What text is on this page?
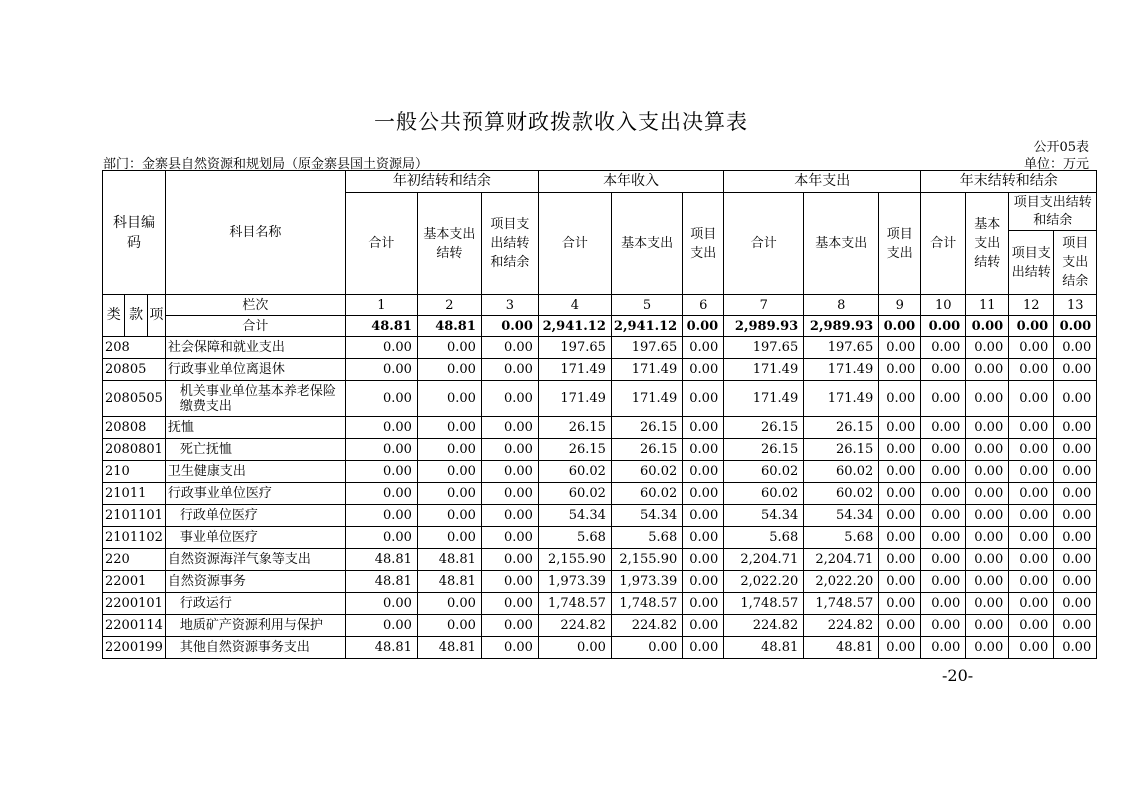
一般公共预算财政拨款收入支出决算表
公开05表
部门：金寨县自然资源和规划局（原金寨县国土资源局）	单位：万元
科目编码			科目名称	年初结转和结余			本年收入			本年支出			年末结转和结余			
				合计	基本支出结转	项目支出结转和结余	合计	基本支出	项目支出	合计	基本支出	项目支出	合计	基本支出结转	项目支出结转和结余	
															项目支出结转	项目支出结余
类	款	项	栏次	1	2	3	4	5	6	7	8	9	10	11	12	13
			合计	48.81	48.81	0.00	2,941.12	2,941.12	0.00	2,989.93	2,989.93	0.00	0.00	0.00	0.00	0.00
208			社会保障和就业支出	0.00	0.00	0.00	197.65	197.65	0.00	197.65	197.65	0.00	0.00	0.00	0.00	0.00
20805			行政事业单位离退休	0.00	0.00	0.00	171.49	171.49	0.00	171.49	171.49	0.00	0.00	0.00	0.00	0.00
2080505			机关事业单位基本养老保险缴费支出	0.00	0.00	0.00	171.49	171.49	0.00	171.49	171.49	0.00	0.00	0.00	0.00	0.00
20808			抚恤	0.00	0.00	0.00	26.15	26.15	0.00	26.15	26.15	0.00	0.00	0.00	0.00	0.00
2080801			死亡抚恤	0.00	0.00	0.00	26.15	26.15	0.00	26.15	26.15	0.00	0.00	0.00	0.00	0.00
210			卫生健康支出	0.00	0.00	0.00	60.02	60.02	0.00	60.02	60.02	0.00	0.00	0.00	0.00	0.00
21011			行政事业单位医疗	0.00	0.00	0.00	60.02	60.02	0.00	60.02	60.02	0.00	0.00	0.00	0.00	0.00
2101101			行政单位医疗	0.00	0.00	0.00	54.34	54.34	0.00	54.34	54.34	0.00	0.00	0.00	0.00	0.00
2101102			事业单位医疗	0.00	0.00	0.00	5.68	5.68	0.00	5.68	5.68	0.00	0.00	0.00	0.00	0.00
220			自然资源海洋气象等支出	48.81	48.81	0.00	2,155.90	2,155.90	0.00	2,204.71	2,204.71	0.00	0.00	0.00	0.00	0.00
22001			自然资源事务	48.81	48.81	0.00	1,973.39	1,973.39	0.00	2,022.20	2,022.20	0.00	0.00	0.00	0.00	0.00
2200101			行政运行	0.00	0.00	0.00	1,748.57	1,748.57	0.00	1,748.57	1,748.57	0.00	0.00	0.00	0.00	0.00
2200114			地质矿产资源利用与保护	0.00	0.00	0.00	224.82	224.82	0.00	224.82	224.82	0.00	0.00	0.00	0.00	0.00
2200199			其他自然资源事务支出	48.81	48.81	0.00	0.00	0.00	0.00	48.81	48.81	0.00	0.00	0.00	0.00	0.00
-20-
